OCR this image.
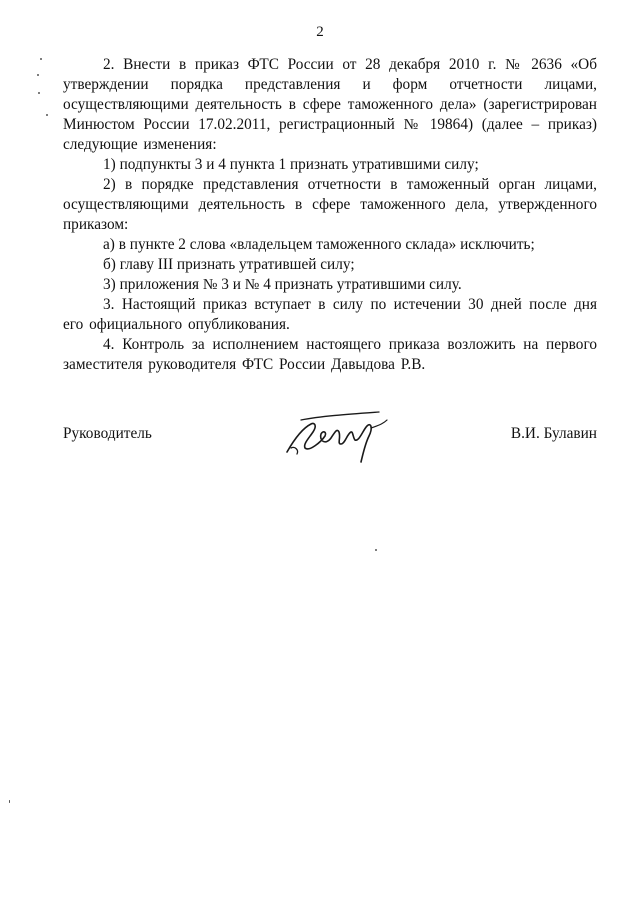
2

2. Внести в приказ ФТС России от 28 декабря 2010 г. № 2636 «Об утверждении порядка представления и форм отчетности лицами, осуществляющими деятельность в сфере таможенного дела» (зарегистрирован Минюстом России 17.02.2011, регистрационный № 19864) (далее – приказ) следующие изменения:

1) подпункты 3 и 4 пункта 1 признать утратившими силу;

2) в порядке представления отчетности в таможенный орган лицами, осуществляющими деятельность в сфере таможенного дела, утвержденного приказом:

а) в пункте 2 слова «владельцем таможенного склада» исключить;

б) главу III признать утратившей силу;

3) приложения № 3 и № 4 признать утратившими силу.

3. Настоящий приказ вступает в силу по истечении 30 дней после дня его официального опубликования.

4. Контроль за исполнением настоящего приказа возложить на первого заместителя руководителя ФТС России Давыдова Р.В.

Руководитель	В.И. Булавин
